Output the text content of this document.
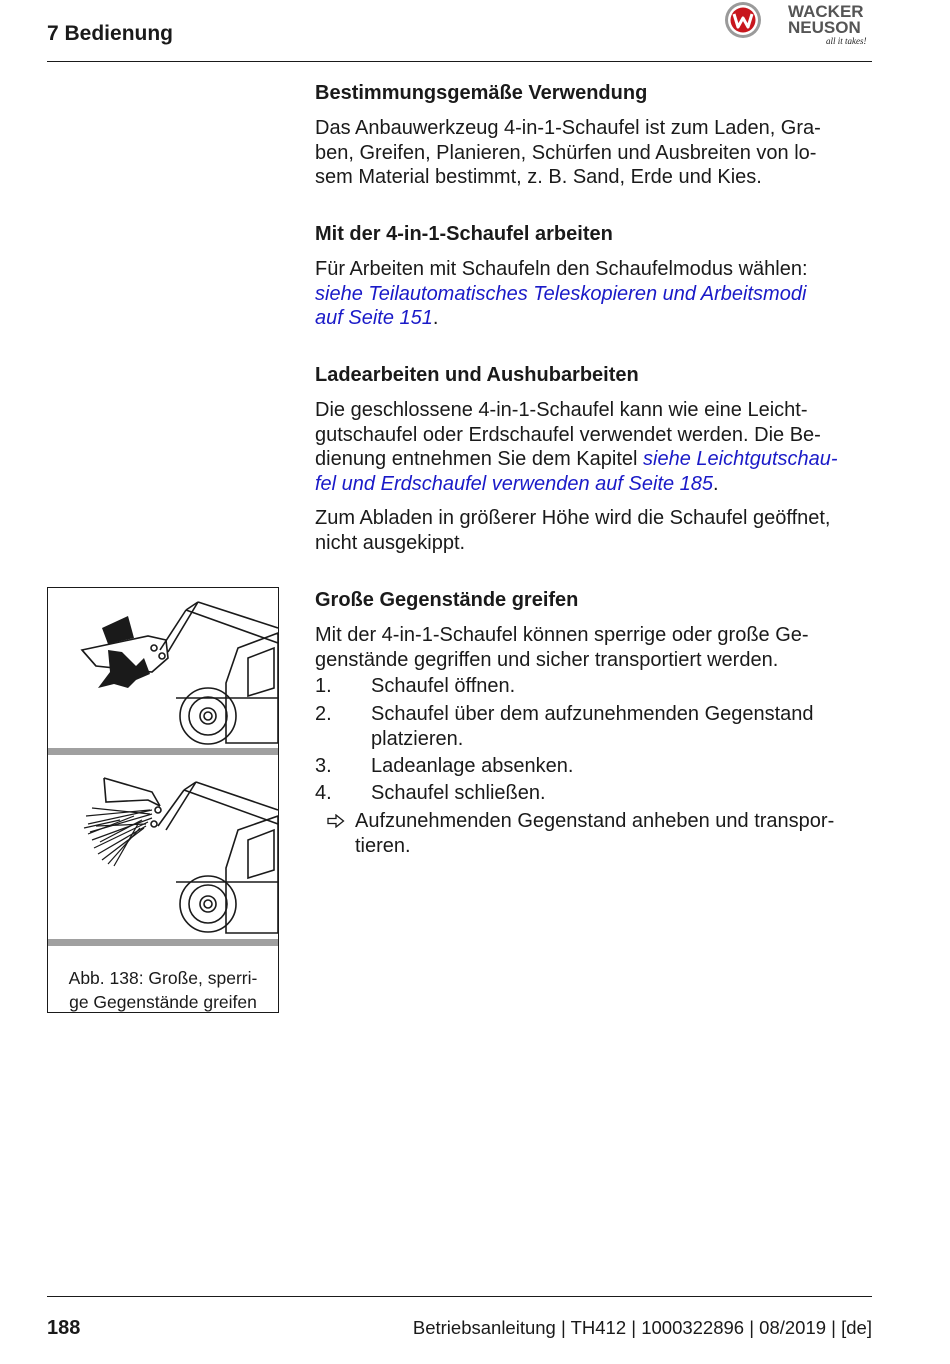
7 Bedienung
WACKER
NEUSON
all it takes!
Bestimmungsgemäße Verwendung
Das Anbauwerkzeug 4-in-1-Schaufel ist zum Laden, Gra-
ben, Greifen, Planieren, Schürfen und Ausbreiten von lo-
sem Material bestimmt, z. B. Sand, Erde und Kies.
Mit der 4-in-1-Schaufel arbeiten
Für Arbeiten mit Schaufeln den Schaufelmodus wählen:
siehe Teilautomatisches Teleskopieren und Arbeitsmodi
auf Seite 151.
Ladearbeiten und Aushubarbeiten
Die geschlossene 4-in-1-Schaufel kann wie eine Leicht-
gutschaufel oder Erdschaufel verwendet werden. Die Be-
dienung entnehmen Sie dem Kapitel siehe Leichtgutschau-
fel und Erdschaufel verwenden auf Seite 185.
Zum Abladen in größerer Höhe wird die Schaufel geöffnet,
nicht ausgekippt.
Große Gegenstände greifen
Mit der 4-in-1-Schaufel können sperrige oder große Ge-
genstände gegriffen und sicher transportiert werden.
1. Schaufel öffnen.
2. Schaufel über dem aufzunehmenden Gegenstand
platzieren.
3. Ladeanlage absenken.
4. Schaufel schließen.
Aufzunehmenden Gegenstand anheben und transpor-
tieren.
Abb. 138: Große, sperri-
ge Gegenstände greifen
188	Betriebsanleitung | TH412 | 1000322896 | 08/2019 | [de]
